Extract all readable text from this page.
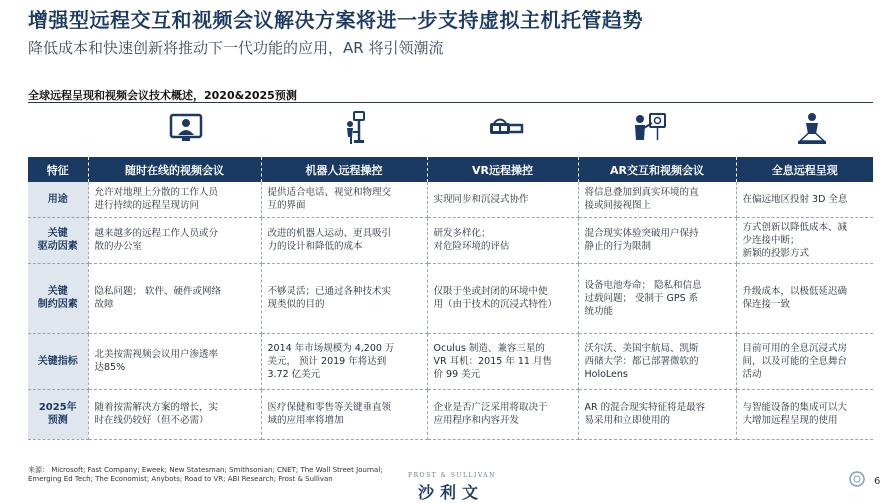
增强型远程交互和视频会议解决方案将进一步支持虚拟主机托管趋势
降低成本和快速创新将推动下一代功能的应用，AR 将引领潮流
全球远程呈现和视频会议技术概述，2020&2025预测
特征	随时在线的视频会议	机器人远程操控	VR远程操控	AR交互和视频会议	全息远程呈现

用途	允许对地理上分散的工作人员
进行持续的远程呈现访问	提供适合电话、视觉和物理交
互的界面	实现同步和沉浸式协作	将信息叠加到真实环境的直
接或间接视图上	在偏远地区投射 3D 全息

关键
驱动因素	越来越多的远程工作人员或分
散的办公室	改进的机器人运动、更具吸引
力的设计和降低的成本	研发多样化；
对危险环境的评估	混合现实体验突破用户保持
静止的行为限制	方式创新以降低成本、减
少连接中断；
新颖的投影方式

关键
制约因素	隐私问题； 软件、硬件或网络
故障	不够灵活；已通过各种技术实
现类似的目的	仅限于坐或封闭的环境中使
用（由于技术的沉浸式特性）	设备电池寿命； 隐私和信息
过载问题； 受制于 GPS 系
统功能	升级成本，以极低延迟确
保连接一致

关键指标	北美按需视频会议用户渗透率
达85%	2014 年市场规模为 4,200 万
美元， 预计 2019 年将达到
3.72 亿美元	Oculus 制造、兼容三星的
VR 耳机：2015 年 11 月售
价 99 美元	沃尔沃、美国宇航局、凯斯
西储大学：都已部署微软的
HoloLens	目前可用的全息沉浸式房
间，以及可能的全息舞台
活动

2025年
预测	随着按需解决方案的增长，实
时在线仍较好（但不必需）	医疗保健和零售等关键垂直领
域的应用率将增加	企业是否广泛采用将取决于
应用程序和内容开发	AR 的混合现实特征将是最容
易采用和立即使用的	与智能设备的集成可以大
大增加远程呈现的使用
来源： Microsoft; Fast Company; Eweek; New Statesman; Smithsonian; CNET; The Wall Street Journal; Emerging Ed Tech; The Economist; Anybots; Road to VR; ABI Research; Frost & Sullivan	FROST & SULLIVAN
沙利文
6
